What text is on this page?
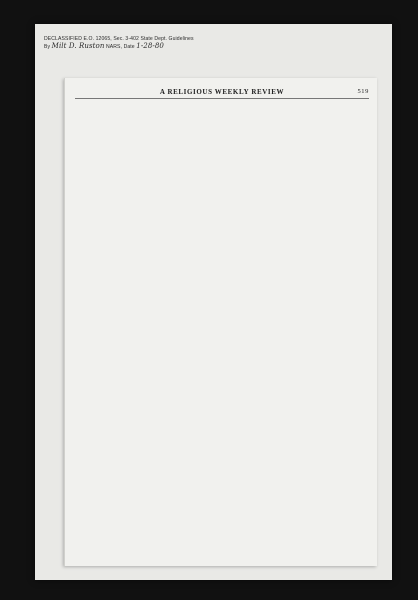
DECLASSIFIED E.O. 12065, Sec. 3-402 State Dept. Guidelines
By Milt D. Ruston NARS, Date 1-28-80
A RELIGIOUS WEEKLY REVIEW	519
